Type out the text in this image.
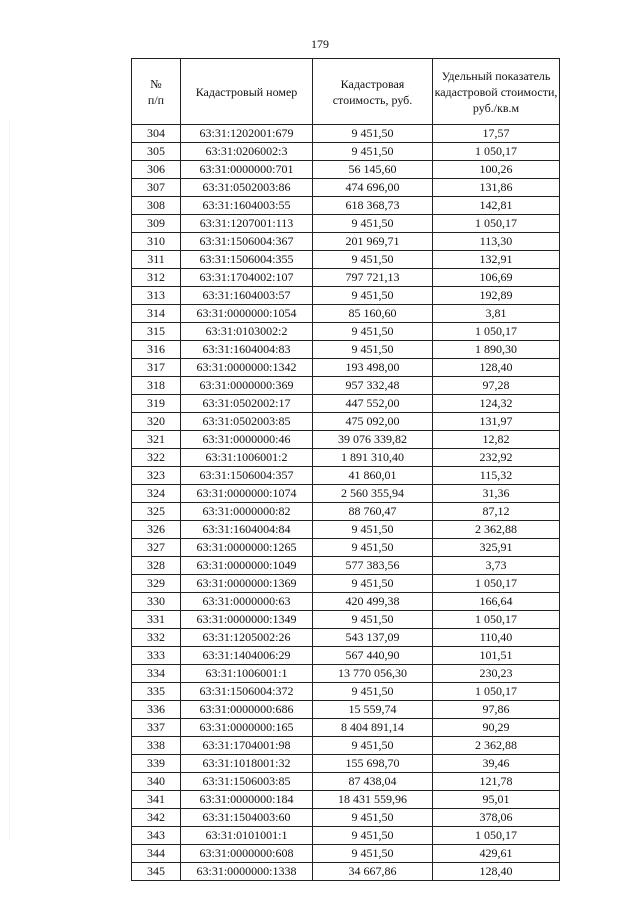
179
№
п/п	Кадастровый номер	Кадастровая стоимость, руб.	Удельный показатель кадастровой стоимости, руб./кв.м
304	63:31:1202001:679	9 451,50	17,57
305	63:31:0206002:3	9 451,50	1 050,17
306	63:31:0000000:701	56 145,60	100,26
307	63:31:0502003:86	474 696,00	131,86
308	63:31:1604003:55	618 368,73	142,81
309	63:31:1207001:113	9 451,50	1 050,17
310	63:31:1506004:367	201 969,71	113,30
311	63:31:1506004:355	9 451,50	132,91
312	63:31:1704002:107	797 721,13	106,69
313	63:31:1604003:57	9 451,50	192,89
314	63:31:0000000:1054	85 160,60	3,81
315	63:31:0103002:2	9 451,50	1 050,17
316	63:31:1604004:83	9 451,50	1 890,30
317	63:31:0000000:1342	193 498,00	128,40
318	63:31:0000000:369	957 332,48	97,28
319	63:31:0502002:17	447 552,00	124,32
320	63:31:0502003:85	475 092,00	131,97
321	63:31:0000000:46	39 076 339,82	12,82
322	63:31:1006001:2	1 891 310,40	232,92
323	63:31:1506004:357	41 860,01	115,32
324	63:31:0000000:1074	2 560 355,94	31,36
325	63:31:0000000:82	88 760,47	87,12
326	63:31:1604004:84	9 451,50	2 362,88
327	63:31:0000000:1265	9 451,50	325,91
328	63:31:0000000:1049	577 383,56	3,73
329	63:31:0000000:1369	9 451,50	1 050,17
330	63:31:0000000:63	420 499,38	166,64
331	63:31:0000000:1349	9 451,50	1 050,17
332	63:31:1205002:26	543 137,09	110,40
333	63:31:1404006:29	567 440,90	101,51
334	63:31:1006001:1	13 770 056,30	230,23
335	63:31:1506004:372	9 451,50	1 050,17
336	63:31:0000000:686	15 559,74	97,86
337	63:31:0000000:165	8 404 891,14	90,29
338	63:31:1704001:98	9 451,50	2 362,88
339	63:31:1018001:32	155 698,70	39,46
340	63:31:1506003:85	87 438,04	121,78
341	63:31:0000000:184	18 431 559,96	95,01
342	63:31:1504003:60	9 451,50	378,06
343	63:31:0101001:1	9 451,50	1 050,17
344	63:31:0000000:608	9 451,50	429,61
345	63:31:0000000:1338	34 667,86	128,40
